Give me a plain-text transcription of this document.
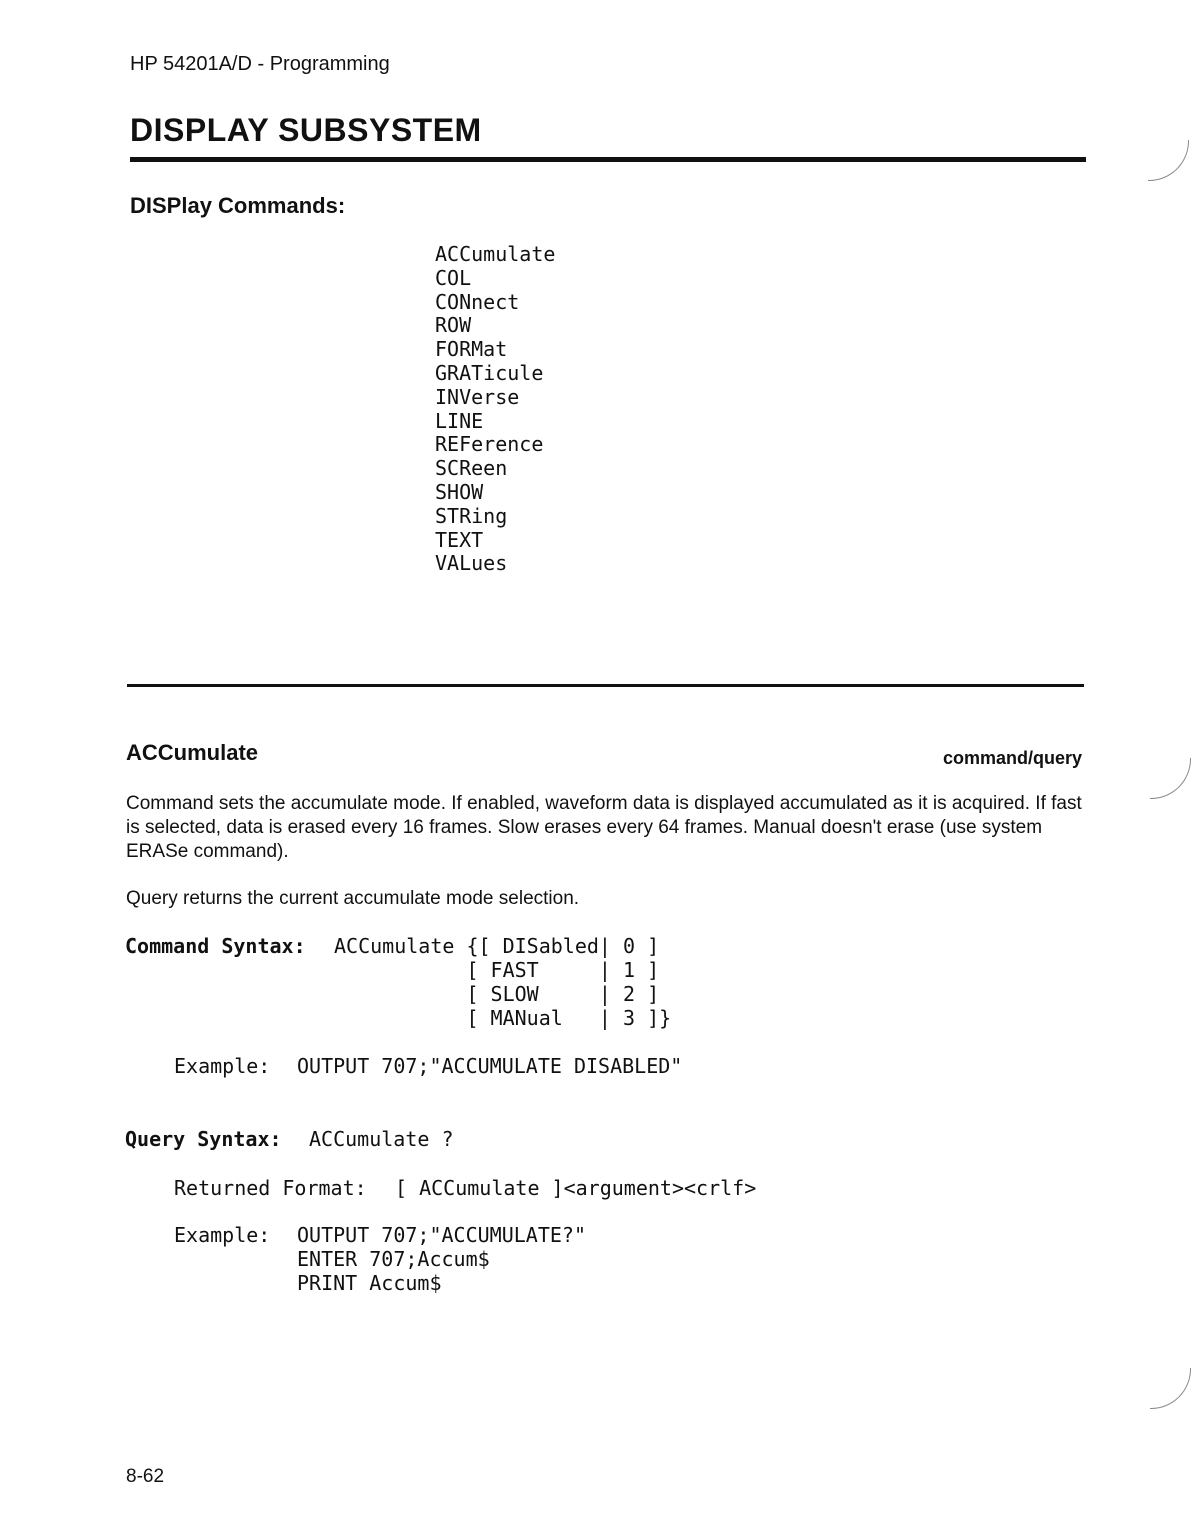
HP 54201A/D - Programming
DISPLAY SUBSYSTEM
DISPlay Commands:
ACCumulate
COL
CONnect
ROW
FORMat
GRATicule
INVerse
LINE
REFerence
SCReen
SHOW
STRing
TEXT
VALues
ACCumulate	command/query

Command sets the accumulate mode. If enabled, waveform data is displayed accumulated as it is acquired. If fast is selected, data is erased every 16 frames. Slow erases every 64 frames. Manual doesn't erase (use system ERASe command).

Query returns the current accumulate mode selection.

Command Syntax: ACCumulate {[ DISabled| 0 ]
[ FAST     | 1 ]
[ SLOW     | 2 ]
[ MANual   | 3 ]}
Example: OUTPUT 707;"ACCUMULATE DISABLED"
Query Syntax: ACCumulate ?
Returned Format: [ ACCumulate ]<argument><crlf>
Example: OUTPUT 707;"ACCUMULATE?"
ENTER 707;Accum$
PRINT Accum$
8-62
